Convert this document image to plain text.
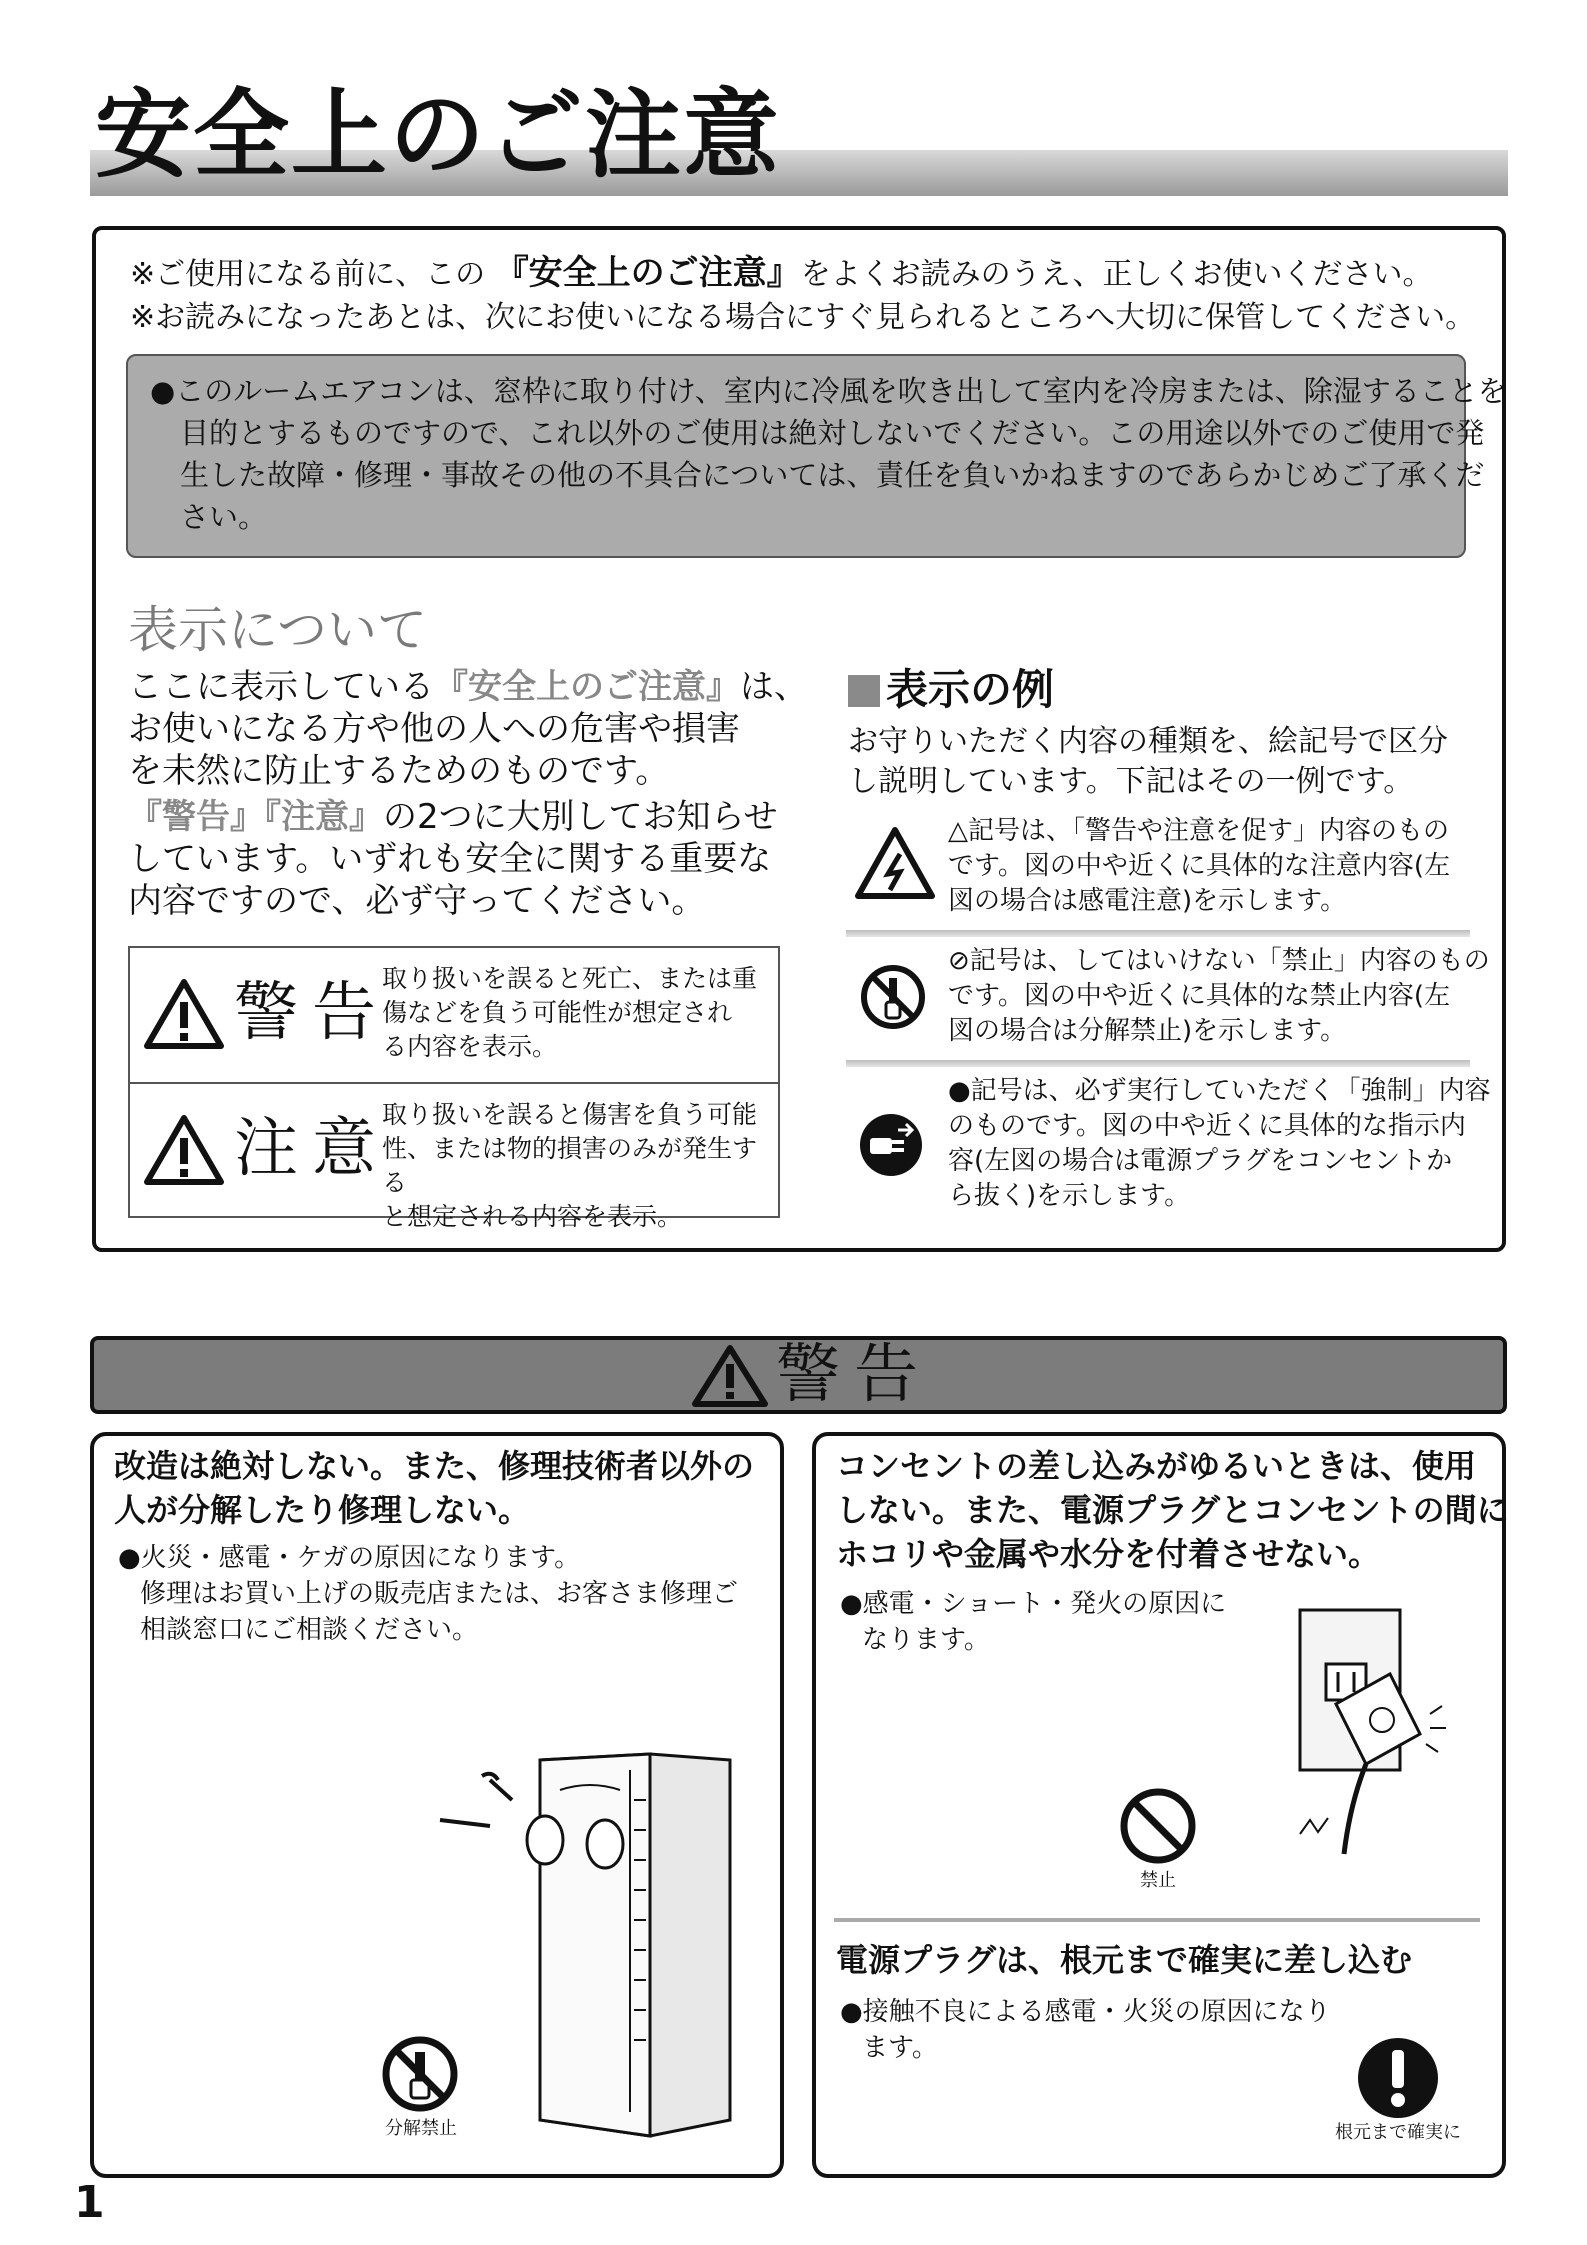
安全上のご注意
※ご使用になる前に、この 『安全上のご注意』をよくお読みのうえ、正しくお使いください。
※お読みになったあとは、次にお使いになる場合にすぐ見られるところへ大切に保管してください。
●このルームエアコンは、窓枠に取り付け、室内に冷風を吹き出して室内を冷房または、除湿することを
目的とするものですので、これ以外のご使用は絶対しないでください。この用途以外でのご使用で発
生した故障・修理・事故その他の不具合については、責任を負いかねますのであらかじめご了承くだ
さい。
表示について
ここに表示している『安全上のご注意』は、
お使いになる方や他の人への危害や損害
を未然に防止するためのものです。
『警告』『注意』の2つに大別してお知らせ
しています。いずれも安全に関する重要な
内容ですので、必ず守ってください。
警告
取り扱いを誤ると死亡、または重
傷などを負う可能性が想定され
る内容を表示。
注意
取り扱いを誤ると傷害を負う可能
性、または物的損害のみが発生する
と想定される内容を表示。
表示の例
お守りいただく内容の種類を、絵記号で区分
し説明しています。下記はその一例です。
△記号は、「警告や注意を促す」内容のもの
です。図の中や近くに具体的な注意内容(左
図の場合は感電注意)を示します。
⊘記号は、してはいけない「禁止」内容のもの
です。図の中や近くに具体的な禁止内容(左
図の場合は分解禁止)を示します。
●記号は、必ず実行していただく「強制」内容
のものです。図の中や近くに具体的な指示内
容(左図の場合は電源プラグをコンセントか
ら抜く)を示します。
警告
改造は絶対しない。また、修理技術者以外の
人が分解したり修理しない。
●火災・感電・ケガの原因になります。
修理はお買い上げの販売店または、お客さま修理ご
相談窓口にご相談ください。
分解禁止
コンセントの差し込みがゆるいときは、使用
しない。また、電源プラグとコンセントの間に
ホコリや金属や水分を付着させない。
●感電・ショート・発火の原因に
なります。
禁止
電源プラグは、根元まで確実に差し込む
●接触不良による感電・火災の原因になり
ます。
根元まで確実に
1
